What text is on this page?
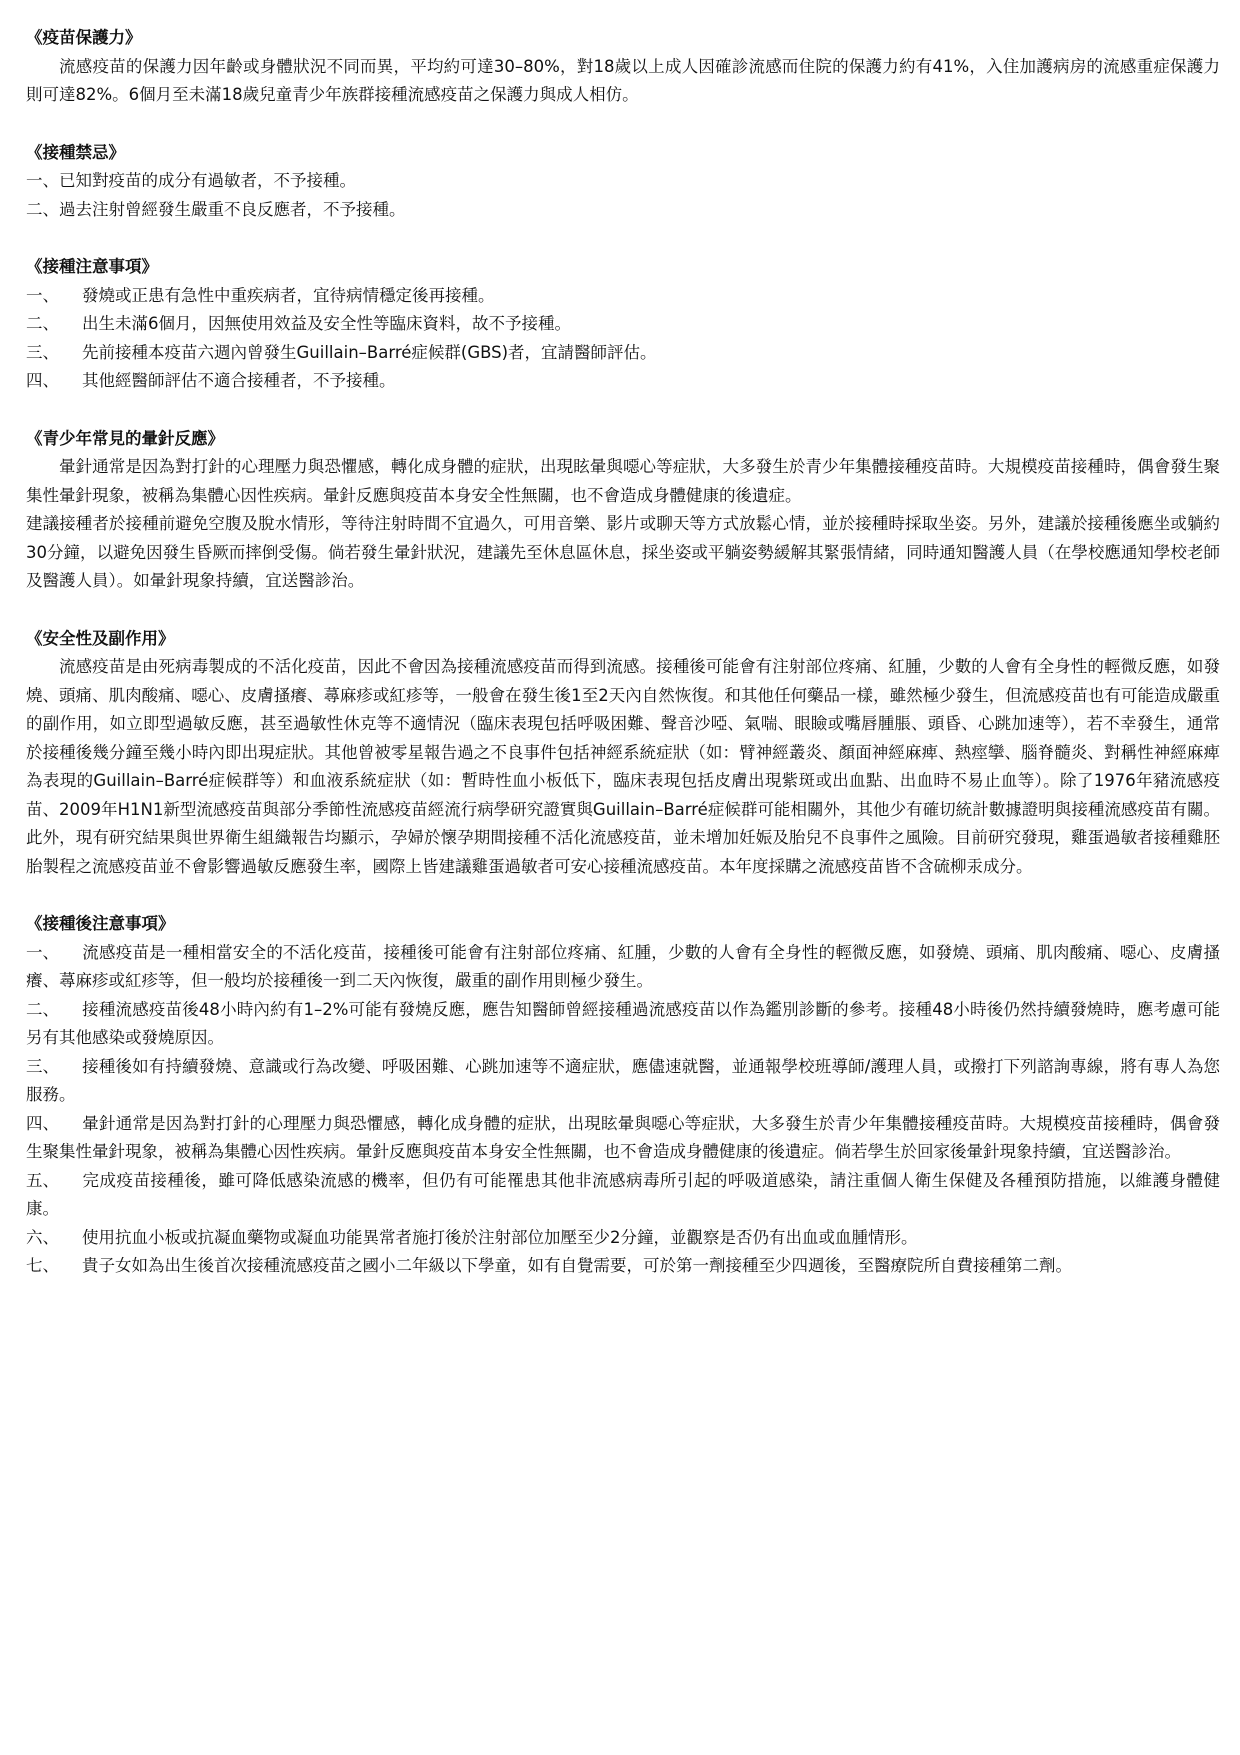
《疫苗保護力》

流感疫苗的保護力因年齡或身體狀況不同而異，平均約可達30–80%，對18歲以上成人因確診流感而住院的保護力約有41%，入住加護病房的流感重症保護力則可達82%。6個月至未滿18歲兒童青少年族群接種流感疫苗之保護力與成人相仿。

《接種禁忌》

一、已知對疫苗的成分有過敏者，不予接種。

二、過去注射曾經發生嚴重不良反應者，不予接種。

《接種注意事項》

一、 發燒或正患有急性中重疾病者，宜待病情穩定後再接種。

二、 出生未滿6個月，因無使用效益及安全性等臨床資料，故不予接種。

三、 先前接種本疫苗六週內曾發生Guillain–Barré症候群(GBS)者，宜請醫師評估。

四、 其他經醫師評估不適合接種者，不予接種。

《青少年常見的暈針反應》

暈針通常是因為對打針的心理壓力與恐懼感，轉化成身體的症狀，出現眩暈與噁心等症狀，大多發生於青少年集體接種疫苗時。大規模疫苗接種時，偶會發生聚集性暈針現象，被稱為集體心因性疾病。暈針反應與疫苗本身安全性無關，也不會造成身體健康的後遺症。

建議接種者於接種前避免空腹及脫水情形，等待注射時間不宜過久，可用音樂、影片或聊天等方式放鬆心情，並於接種時採取坐姿。另外，建議於接種後應坐或躺約30分鐘，以避免因發生昏厥而摔倒受傷。倘若發生暈針狀況，建議先至休息區休息，採坐姿或平躺姿勢緩解其緊張情緒，同時通知醫護人員（在學校應通知學校老師及醫護人員）。如暈針現象持續，宜送醫診治。

《安全性及副作用》

流感疫苗是由死病毒製成的不活化疫苗，因此不會因為接種流感疫苗而得到流感。接種後可能會有注射部位疼痛、紅腫，少數的人會有全身性的輕微反應，如發燒、頭痛、肌肉酸痛、噁心、皮膚搔癢、蕁麻疹或紅疹等，一般會在發生後1至2天內自然恢復。和其他任何藥品一樣，雖然極少發生，但流感疫苗也有可能造成嚴重的副作用，如立即型過敏反應，甚至過敏性休克等不適情況（臨床表現包括呼吸困難、聲音沙啞、氣喘、眼瞼或嘴唇腫脹、頭昏、心跳加速等），若不幸發生，通常於接種後幾分鐘至幾小時內即出現症狀。其他曾被零星報告過之不良事件包括神經系統症狀（如：臂神經叢炎、顏面神經麻痺、熱痙攣、腦脊髓炎、對稱性神經麻痺為表現的Guillain–Barré症候群等）和血液系統症狀（如：暫時性血小板低下，臨床表現包括皮膚出現紫斑或出血點、出血時不易止血等）。除了1976年豬流感疫苗、2009年H1N1新型流感疫苗與部分季節性流感疫苗經流行病學研究證實與Guillain–Barré症候群可能相關外，其他少有確切統計數據證明與接種流感疫苗有關。此外，現有研究結果與世界衛生組織報告均顯示，孕婦於懷孕期間接種不活化流感疫苗，並未增加妊娠及胎兒不良事件之風險。目前研究發現，雞蛋過敏者接種雞胚胎製程之流感疫苗並不會影響過敏反應發生率，國際上皆建議雞蛋過敏者可安心接種流感疫苗。本年度採購之流感疫苗皆不含硫柳汞成分。

《接種後注意事項》

一、 流感疫苗是一種相當安全的不活化疫苗，接種後可能會有注射部位疼痛、紅腫，少數的人會有全身性的輕微反應，如發燒、頭痛、肌肉酸痛、噁心、皮膚搔癢、蕁麻疹或紅疹等，但一般均於接種後一到二天內恢復，嚴重的副作用則極少發生。

二、 接種流感疫苗後48小時內約有1–2%可能有發燒反應，應告知醫師曾經接種過流感疫苗以作為鑑別診斷的參考。接種48小時後仍然持續發燒時，應考慮可能另有其他感染或發燒原因。

三、 接種後如有持續發燒、意識或行為改變、呼吸困難、心跳加速等不適症狀，應儘速就醫，並通報學校班導師/護理人員，或撥打下列諮詢專線，將有專人為您服務。

四、 暈針通常是因為對打針的心理壓力與恐懼感，轉化成身體的症狀，出現眩暈與噁心等症狀，大多發生於青少年集體接種疫苗時。大規模疫苗接種時，偶會發生聚集性暈針現象，被稱為集體心因性疾病。暈針反應與疫苗本身安全性無關，也不會造成身體健康的後遺症。倘若學生於回家後暈針現象持續，宜送醫診治。

五、 完成疫苗接種後，雖可降低感染流感的機率，但仍有可能罹患其他非流感病毒所引起的呼吸道感染，請注重個人衛生保健及各種預防措施，以維護身體健康。

六、 使用抗血小板或抗凝血藥物或凝血功能異常者施打後於注射部位加壓至少2分鐘，並觀察是否仍有出血或血腫情形。

七、 貴子女如為出生後首次接種流感疫苗之國小二年級以下學童，如有自覺需要，可於第一劑接種至少四週後，至醫療院所自費接種第二劑。
